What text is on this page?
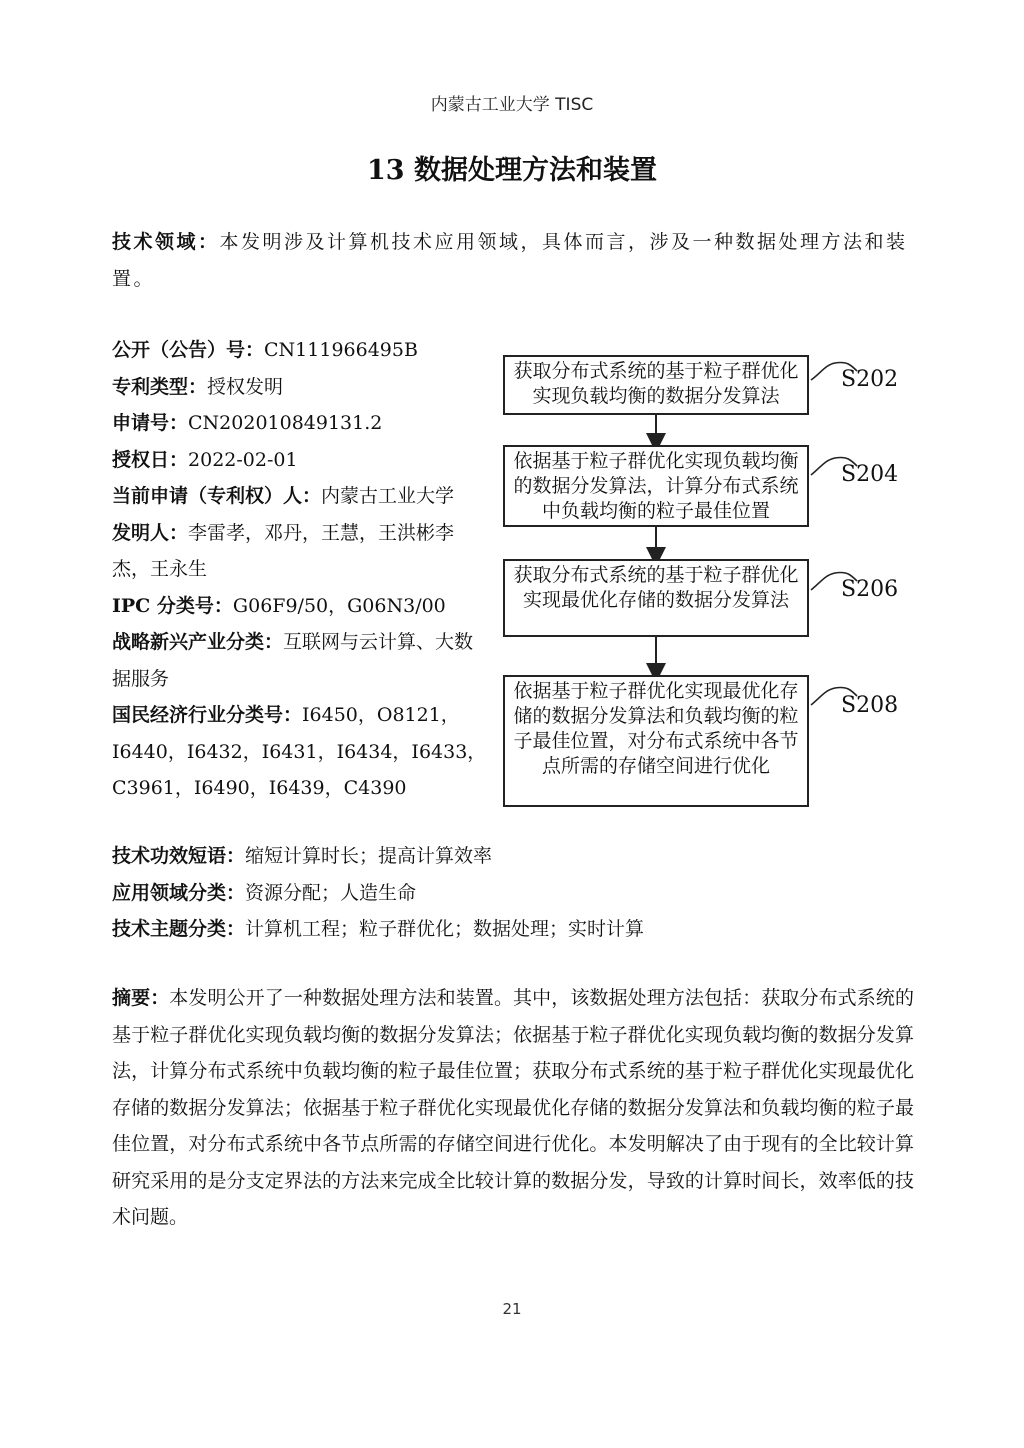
内蒙古工业大学 TISC
13 数据处理方法和装置
技术领域：本发明涉及计算机技术应用领域，具体而言，涉及一种数据处理方法和装置。
公开（公告）号：CN111966495B
专利类型：授权发明
申请号：CN202010849131.2
授权日：2022-02-01
当前申请（专利权）人：内蒙古工业大学
发明人：李雷孝，邓丹，王慧，王洪彬李杰，王永生
IPC 分类号：G06F9/50，G06N3/00
战略新兴产业分类：互联网与云计算、大数据服务
国民经济行业分类号：I6450，O8121，I6440，I6432，I6431，I6434，I6433，C3961，I6490，I6439，C4390
获取分布式系统的基于粒子群优化实现负载均衡的数据分发算法
S202
依据基于粒子群优化实现负载均衡的数据分发算法，计算分布式系统中负载均衡的粒子最佳位置
S204
获取分布式系统的基于粒子群优化实现最优化存储的数据分发算法	S206
依据基于粒子群优化实现最优化存储的数据分发算法和负载均衡的粒子最佳位置，对分布式系统中各节点所需的存储空间进行优化
S208
技术功效短语：缩短计算时长；提高计算效率
应用领域分类：资源分配；人造生命
技术主题分类：计算机工程；粒子群优化；数据处理；实时计算
摘要：本发明公开了一种数据处理方法和装置。其中，该数据处理方法包括：获取分布式系统的基于粒子群优化实现负载均衡的数据分发算法；依据基于粒子群优化实现负载均衡的数据分发算法，计算分布式系统中负载均衡的粒子最佳位置；获取分布式系统的基于粒子群优化实现最优化存储的数据分发算法；依据基于粒子群优化实现最优化存储的数据分发算法和负载均衡的粒子最佳位置，对分布式系统中各节点所需的存储空间进行优化。本发明解决了由于现有的全比较计算研究采用的是分支定界法的方法来完成全比较计算的数据分发，导致的计算时间长，效率低的技术问题。
21
